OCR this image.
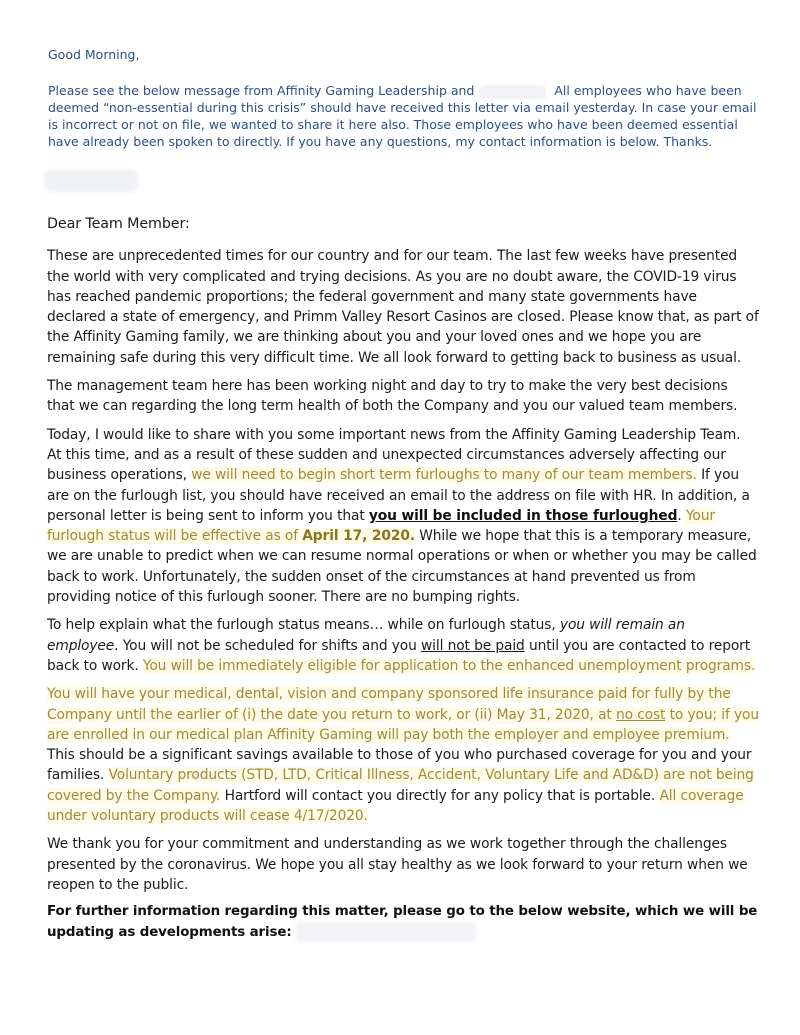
Good Morning,

Please see the below message from Affinity Gaming Leadership and	All employees who have been deemed “non-essential during this crisis” should have received this letter via email yesterday. In case your email is incorrect or not on file, we wanted to share it here also. Those employees who have been deemed essential have already been spoken to directly. If you have any questions, my contact information is below. Thanks.

Dear Team Member:

These are unprecedented times for our country and for our team. The last few weeks have presented the world with very complicated and trying decisions. As you are no doubt aware, the COVID-19 virus has reached pandemic proportions; the federal government and many state governments have declared a state of emergency, and Primm Valley Resort Casinos are closed. Please know that, as part of the Affinity Gaming family, we are thinking about you and your loved ones and we hope you are remaining safe during this very difficult time. We all look forward to getting back to business as usual.

The management team here has been working night and day to try to make the very best decisions that we can regarding the long term health of both the Company and you our valued team members.

Today, I would like to share with you some important news from the Affinity Gaming Leadership Team. At this time, and as a result of these sudden and unexpected circumstances adversely affecting our business operations, we will need to begin short term furloughs to many of our team members. If you are on the furlough list, you should have received an email to the address on file with HR. In addition, a personal letter is being sent to inform you that you will be included in those furloughed. Your furlough status will be effective as of April 17, 2020. While we hope that this is a temporary measure, we are unable to predict when we can resume normal operations or when or whether you may be called back to work. Unfortunately, the sudden onset of the circumstances at hand prevented us from providing notice of this furlough sooner. There are no bumping rights.

To help explain what the furlough status means… while on furlough status, you will remain an employee. You will not be scheduled for shifts and you will not be paid until you are contacted to report back to work. You will be immediately eligible for application to the enhanced unemployment programs.

You will have your medical, dental, vision and company sponsored life insurance paid for fully by the Company until the earlier of (i) the date you return to work, or (ii) May 31, 2020, at no cost to you; if you are enrolled in our medical plan Affinity Gaming will pay both the employer and employee premium. This should be a significant savings available to those of you who purchased coverage for you and your families. Voluntary products (STD, LTD, Critical Illness, Accident, Voluntary Life and AD&D) are not being covered by the Company. Hartford will contact you directly for any policy that is portable. All coverage under voluntary products will cease 4/17/2020.

We thank you for your commitment and understanding as we work together through the challenges presented by the coronavirus. We hope you all stay healthy as we look forward to your return when we reopen to the public.

For further information regarding this matter, please go to the below website, which we will be updating as developments arise:
